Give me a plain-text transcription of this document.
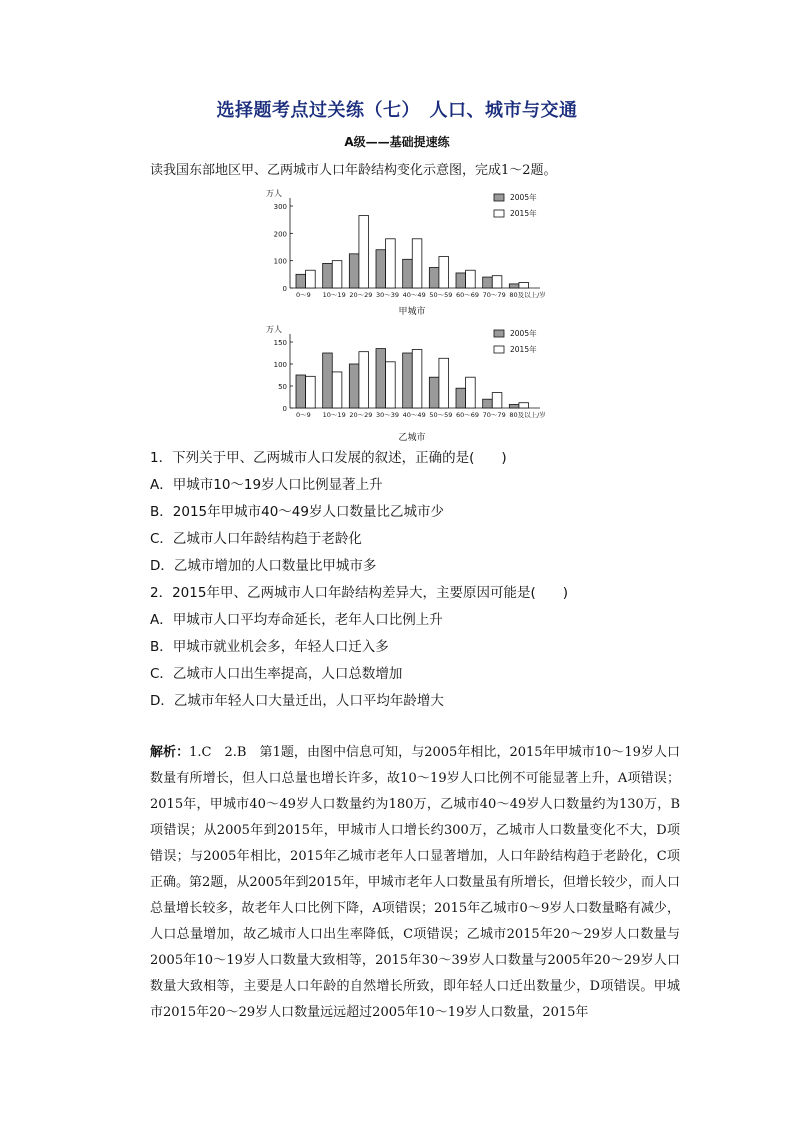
选择题考点过关练（七）　人口、城市与交通
A级——基础提速练
读我国东部地区甲、乙两城市人口年龄结构变化示意图，完成1～2题。
万人
0
100
200
300
0～9 10～19 20～29 30～39 40～49 50～59 60～69 70～79 80及以上/岁
2005年
2015年
甲城市
万人
0
50
100
150
0～9 10～19 20～29 30～39 40～49 50～59 60～69 70～79 80及以上/岁
2005年
2015年
乙城市
1．下列关于甲、乙两城市人口发展的叙述，正确的是(　　)
A．甲城市10～19岁人口比例显著上升
B．2015年甲城市40～49岁人口数量比乙城市少
C．乙城市人口年龄结构趋于老龄化
D．乙城市增加的人口数量比甲城市多
2．2015年甲、乙两城市人口年龄结构差异大，主要原因可能是(　　)
A．甲城市人口平均寿命延长，老年人口比例上升
B．甲城市就业机会多，年轻人口迁入多
C．乙城市人口出生率提高，人口总数增加
D．乙城市年轻人口大量迁出，人口平均年龄增大
解析：1.C　2.B　第1题，由图中信息可知，与2005年相比，2015年甲城市10～19岁人口数量有所增长，但人口总量也增长许多，故10～19岁人口比例不可能显著上升，A项错误；2015年，甲城市40～49岁人口数量约为180万，乙城市40～49岁人口数量约为130万，B项错误；从2005年到2015年，甲城市人口增长约300万，乙城市人口数量变化不大，D项错误；与2005年相比，2015年乙城市老年人口显著增加，人口年龄结构趋于老龄化，C项正确。第2题，从2005年到2015年，甲城市老年人口数量虽有所增长，但增长较少，而人口总量增长较多，故老年人口比例下降，A项错误；2015年乙城市0～9岁人口数量略有减少，人口总量增加，故乙城市人口出生率降低，C项错误；乙城市2015年20～29岁人口数量与2005年10～19岁人口数量大致相等，2015年30～39岁人口数量与2005年20～29岁人口数量大致相等，主要是人口年龄的自然增长所致，即年轻人口迁出数量少，D项错误。甲城市2015年20～29岁人口数量远远超过2005年10～19岁人口数量，2015年
